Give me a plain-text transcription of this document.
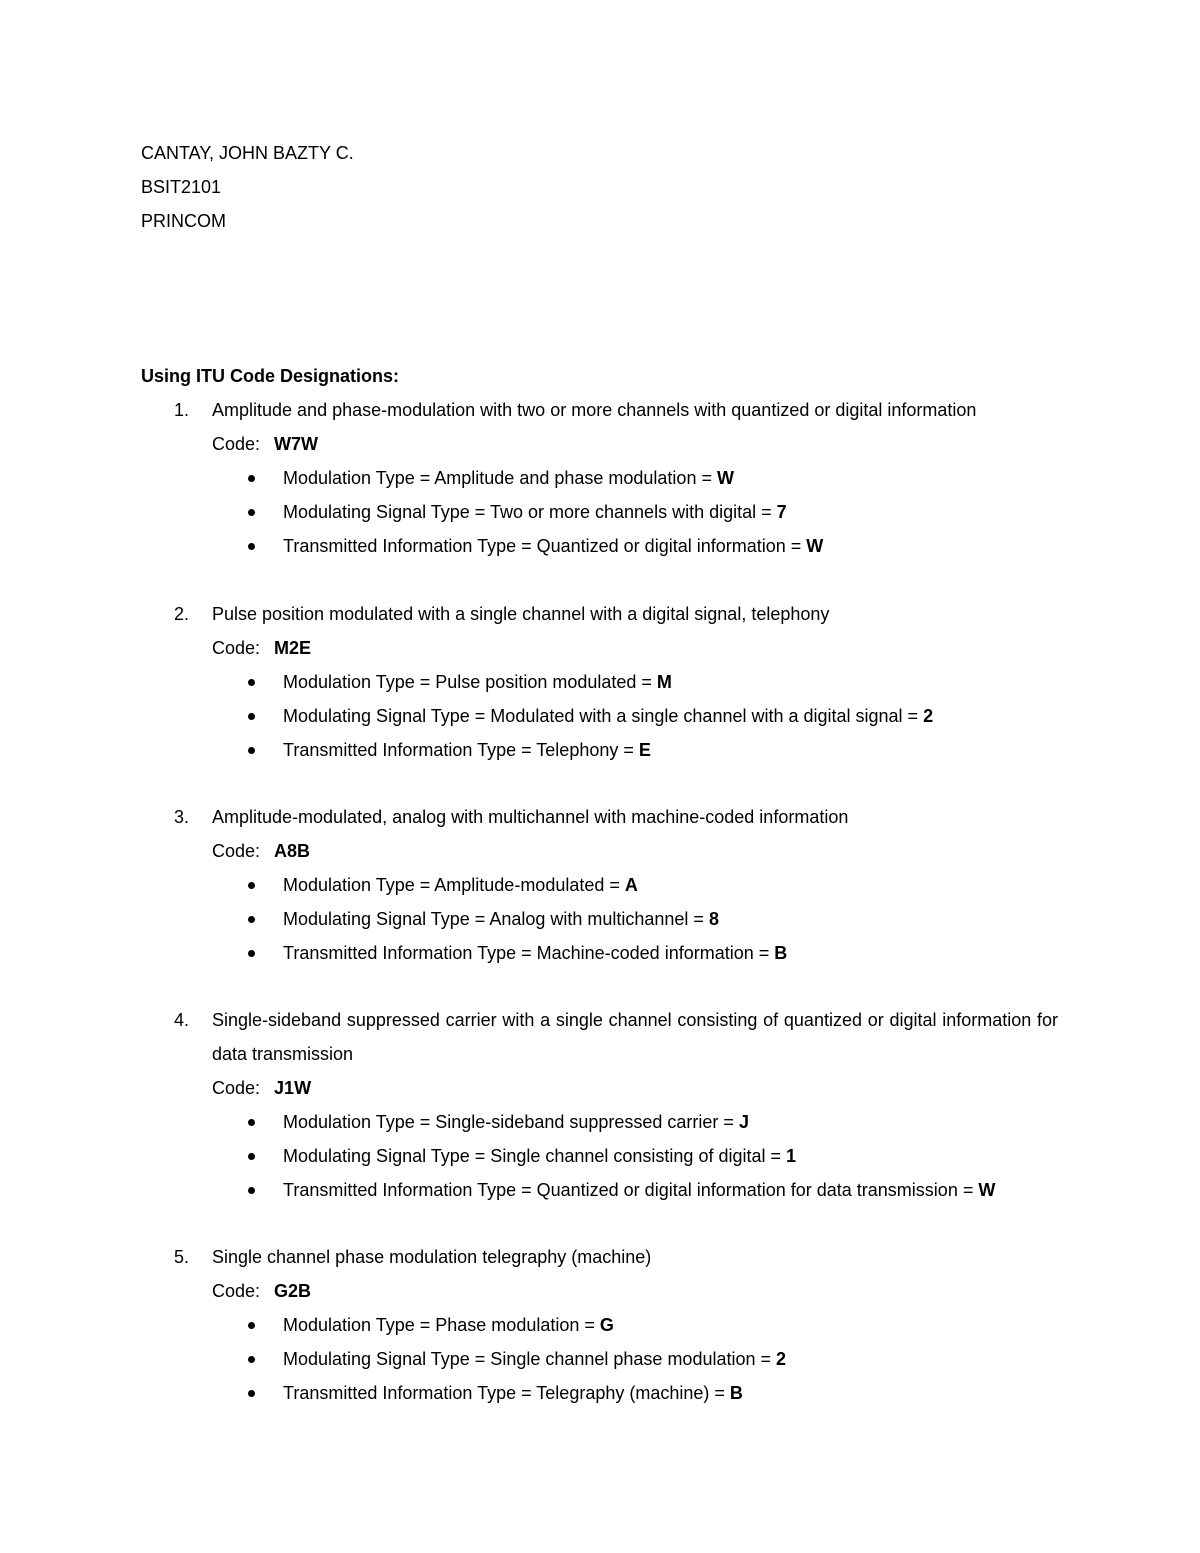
CANTAY, JOHN BAZTY C.
BSIT2101
PRINCOM
Using ITU Code Designations:
1. Amplitude and phase-modulation with two or more channels with quantized or digital information
Code: W7W
Modulation Type = Amplitude and phase modulation = W
Modulating Signal Type = Two or more channels with digital = 7
Transmitted Information Type = Quantized or digital information = W
2. Pulse position modulated with a single channel with a digital signal, telephony
Code: M2E
Modulation Type = Pulse position modulated = M
Modulating Signal Type = Modulated with a single channel with a digital signal = 2
Transmitted Information Type = Telephony = E
3. Amplitude-modulated, analog with multichannel with machine-coded information
Code: A8B
Modulation Type = Amplitude-modulated = A
Modulating Signal Type = Analog with multichannel = 8
Transmitted Information Type = Machine-coded information = B
4. Single-sideband suppressed carrier with a single channel consisting of quantized or digital information for data transmission
Code: J1W
Modulation Type = Single-sideband suppressed carrier = J
Modulating Signal Type = Single channel consisting of digital = 1
Transmitted Information Type = Quantized or digital information for data transmission = W
5. Single channel phase modulation telegraphy (machine)
Code: G2B
Modulation Type = Phase modulation = G
Modulating Signal Type = Single channel phase modulation = 2
Transmitted Information Type = Telegraphy (machine) = B
